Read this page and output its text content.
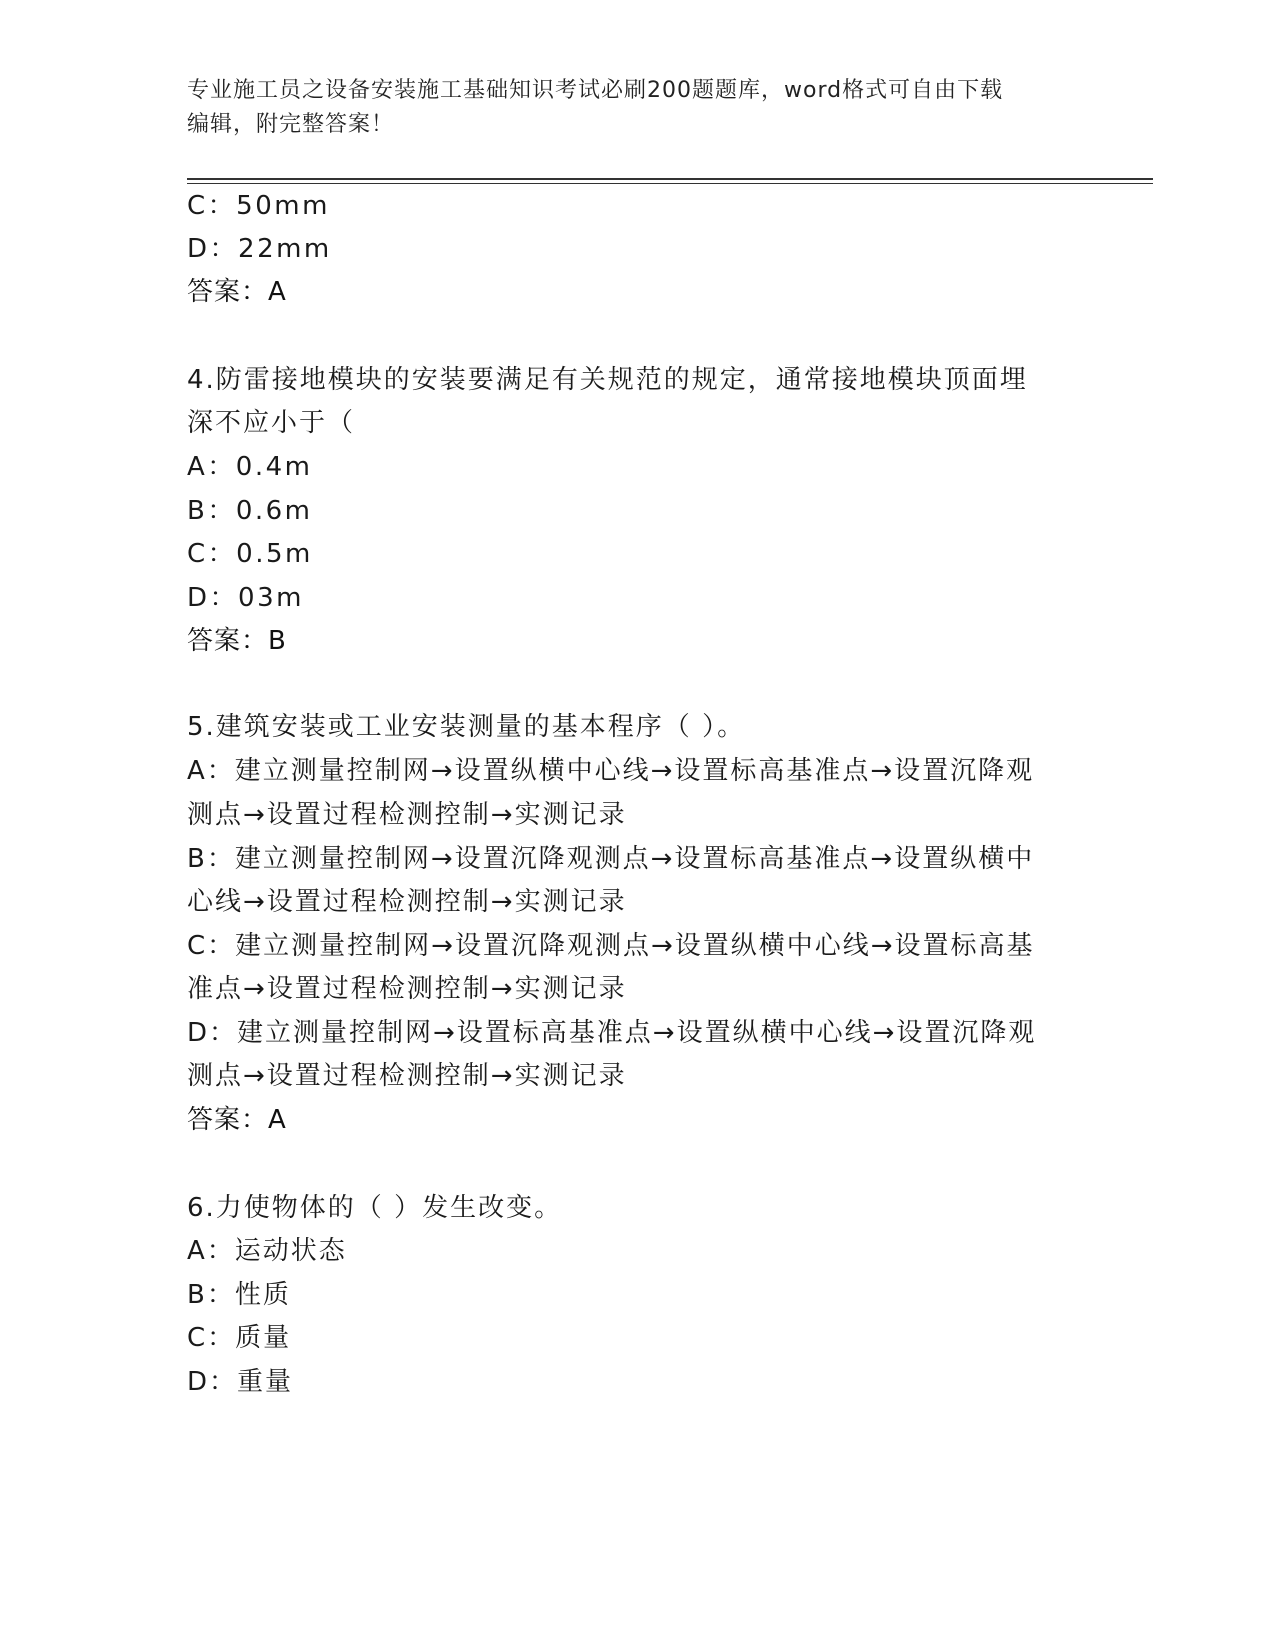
专业施工员之设备安装施工基础知识考试必刷200题题库，word格式可自由下载
编辑，附完整答案！
C：50mm
D：22mm
答案：A
4.防雷接地模块的安装要满足有关规范的规定，通常接地模块顶面埋
深不应小于（
A：0.4m
B：0.6m
C：0.5m
D：03m
答案：B
5.建筑安装或工业安装测量的基本程序（ ）。
A：建立测量控制网→设置纵横中心线→设置标高基准点→设置沉降观
测点→设置过程检测控制→实测记录
B：建立测量控制网→设置沉降观测点→设置标高基准点→设置纵横中
心线→设置过程检测控制→实测记录
C：建立测量控制网→设置沉降观测点→设置纵横中心线→设置标高基
准点→设置过程检测控制→实测记录
D：建立测量控制网→设置标高基准点→设置纵横中心线→设置沉降观
测点→设置过程检测控制→实测记录
答案：A
6.力使物体的（ ）发生改变。
A：运动状态
B：性质
C：质量
D：重量
